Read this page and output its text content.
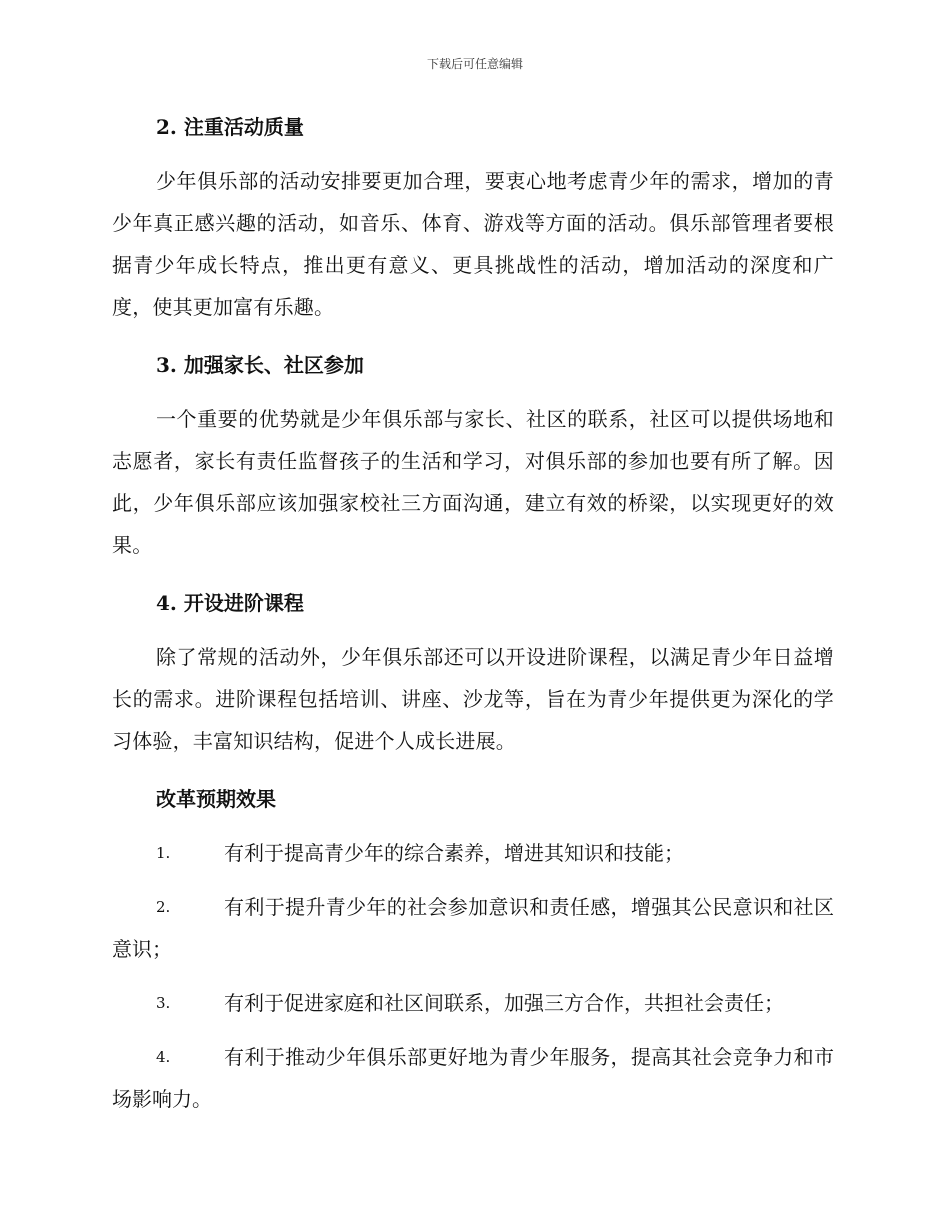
下载后可任意编辑
2. 注重活动质量

少年俱乐部的活动安排要更加合理，要衷心地考虑青少年的需求，增加的青少年真正感兴趣的活动，如音乐、体育、游戏等方面的活动。俱乐部管理者要根据青少年成长特点，推出更有意义、更具挑战性的活动，增加活动的深度和广度，使其更加富有乐趣。

3. 加强家长、社区参加

一个重要的优势就是少年俱乐部与家长、社区的联系，社区可以提供场地和志愿者，家长有责任监督孩子的生活和学习，对俱乐部的参加也要有所了解。因此，少年俱乐部应该加强家校社三方面沟通，建立有效的桥梁，以实现更好的效果。

4. 开设进阶课程

除了常规的活动外，少年俱乐部还可以开设进阶课程，以满足青少年日益增长的需求。进阶课程包括培训、讲座、沙龙等，旨在为青少年提供更为深化的学习体验，丰富知识结构，促进个人成长进展。

改革预期效果
1.	有利于提高青少年的综合素养，增进其知识和技能；
2.	有利于提升青少年的社会参加意识和责任感，增强其公民意识和社区意识；
3.	有利于促进家庭和社区间联系，加强三方合作，共担社会责任；
4.	有利于推动少年俱乐部更好地为青少年服务，提高其社会竞争力和市场影响力。
